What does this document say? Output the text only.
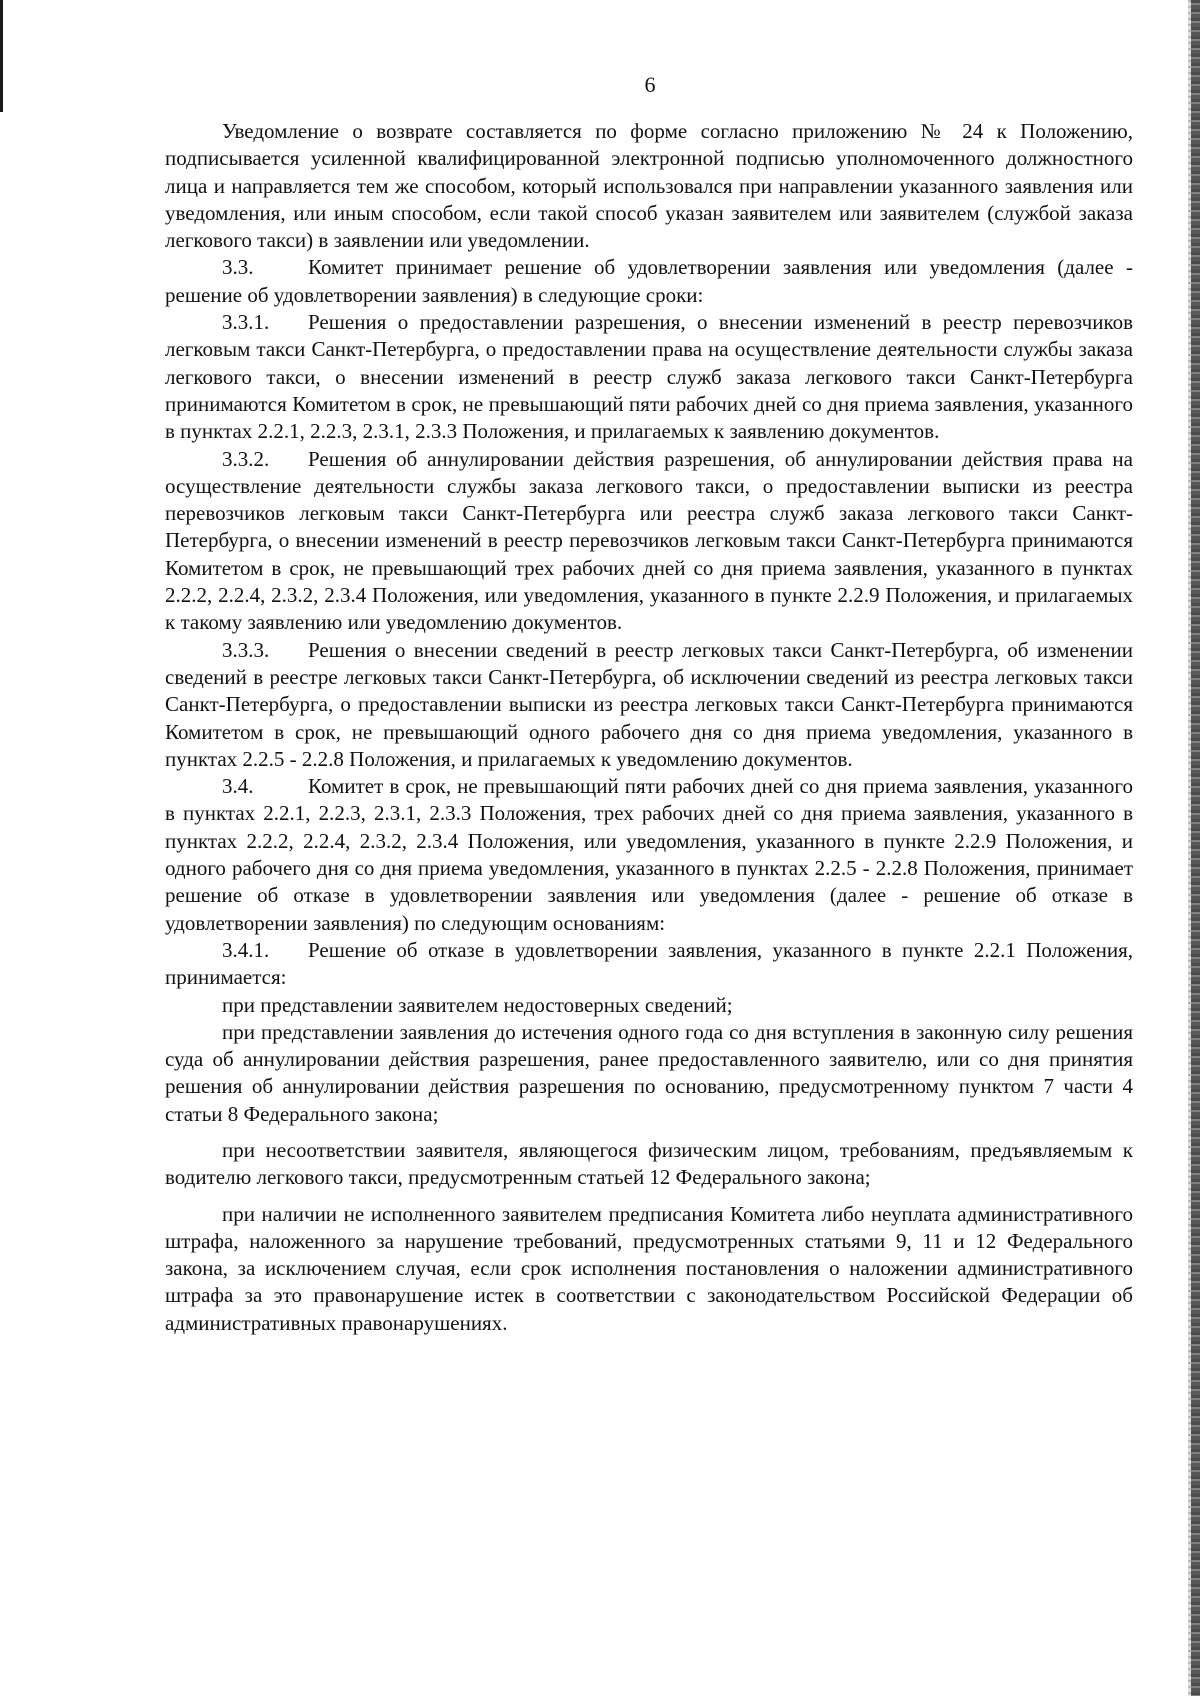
6

Уведомление о возврате составляется по форме согласно приложению № 24 к Положению, подписывается усиленной квалифицированной электронной подписью уполномоченного должностного лица и направляется тем же способом, который использовался при направлении указанного заявления или уведомления, или иным способом, если такой способ указан заявителем или заявителем (службой заказа легкового такси) в заявлении или уведомлении.

3.3.	Комитет принимает решение об удовлетворении заявления или уведомления (далее - решение об удовлетворении заявления) в следующие сроки:

3.3.1. Решения о предоставлении разрешения, о внесении изменений в реестр перевозчиков легковым такси Санкт-Петербурга, о предоставлении права на осуществление деятельности службы заказа легкового такси, о внесении изменений в реестр служб заказа легкового такси Санкт-Петербурга принимаются Комитетом в срок, не превышающий пяти рабочих дней со дня приема заявления, указанного в пунктах 2.2.1, 2.2.3, 2.3.1, 2.3.3 Положения, и прилагаемых к заявлению документов.

3.3.2. Решения об аннулировании действия разрешения, об аннулировании действия права на осуществление деятельности службы заказа легкового такси, о предоставлении выписки из реестра перевозчиков легковым такси Санкт-Петербурга или реестра служб заказа легкового такси Санкт-Петербурга, о внесении изменений в реестр перевозчиков легковым такси Санкт-Петербурга принимаются Комитетом в срок, не превышающий трех рабочих дней со дня приема заявления, указанного в пунктах 2.2.2, 2.2.4, 2.3.2, 2.3.4 Положения, или уведомления, указанного в пункте 2.2.9 Положения, и прилагаемых к такому заявлению или уведомлению документов.

3.3.3. Решения о внесении сведений в реестр легковых такси Санкт-Петербурга, об изменении сведений в реестре легковых такси Санкт-Петербурга, об исключении сведений из реестра легковых такси Санкт-Петербурга, о предоставлении выписки из реестра легковых такси Санкт-Петербурга принимаются Комитетом в срок, не превышающий одного рабочего дня со дня приема уведомления, указанного в пунктах 2.2.5 - 2.2.8 Положения, и прилагаемых к уведомлению документов.

3.4.	Комитет в срок, не превышающий пяти рабочих дней со дня приема заявления, указанного в пунктах 2.2.1, 2.2.3, 2.3.1, 2.3.3 Положения, трех рабочих дней со дня приема заявления, указанного в пунктах 2.2.2, 2.2.4, 2.3.2, 2.3.4 Положения, или уведомления, указанного в пункте 2.2.9 Положения, и одного рабочего дня со дня приема уведомления, указанного в пунктах 2.2.5 - 2.2.8 Положения, принимает решение об отказе в удовлетворении заявления или уведомления (далее - решение об отказе в удовлетворении заявления) по следующим основаниям:

3.4.1. Решение об отказе в удовлетворении заявления, указанного в пункте 2.2.1 Положения, принимается:

при представлении заявителем недостоверных сведений;

при представлении заявления до истечения одного года со дня вступления в законную силу решения суда об аннулировании действия разрешения, ранее предоставленного заявителю, или со дня принятия решения об аннулировании действия разрешения по основанию, предусмотренному пунктом 7 части 4 статьи 8 Федерального закона;

при несоответствии заявителя, являющегося физическим лицом, требованиям, предъявляемым к водителю легкового такси, предусмотренным статьей 12 Федерального закона;

при наличии не исполненного заявителем предписания Комитета либо неуплата административного штрафа, наложенного за нарушение требований, предусмотренных статьями 9, 11 и 12 Федерального закона, за исключением случая, если срок исполнения постановления о наложении административного штрафа за это правонарушение истек в соответствии с законодательством Российской Федерации об административных правонарушениях.
